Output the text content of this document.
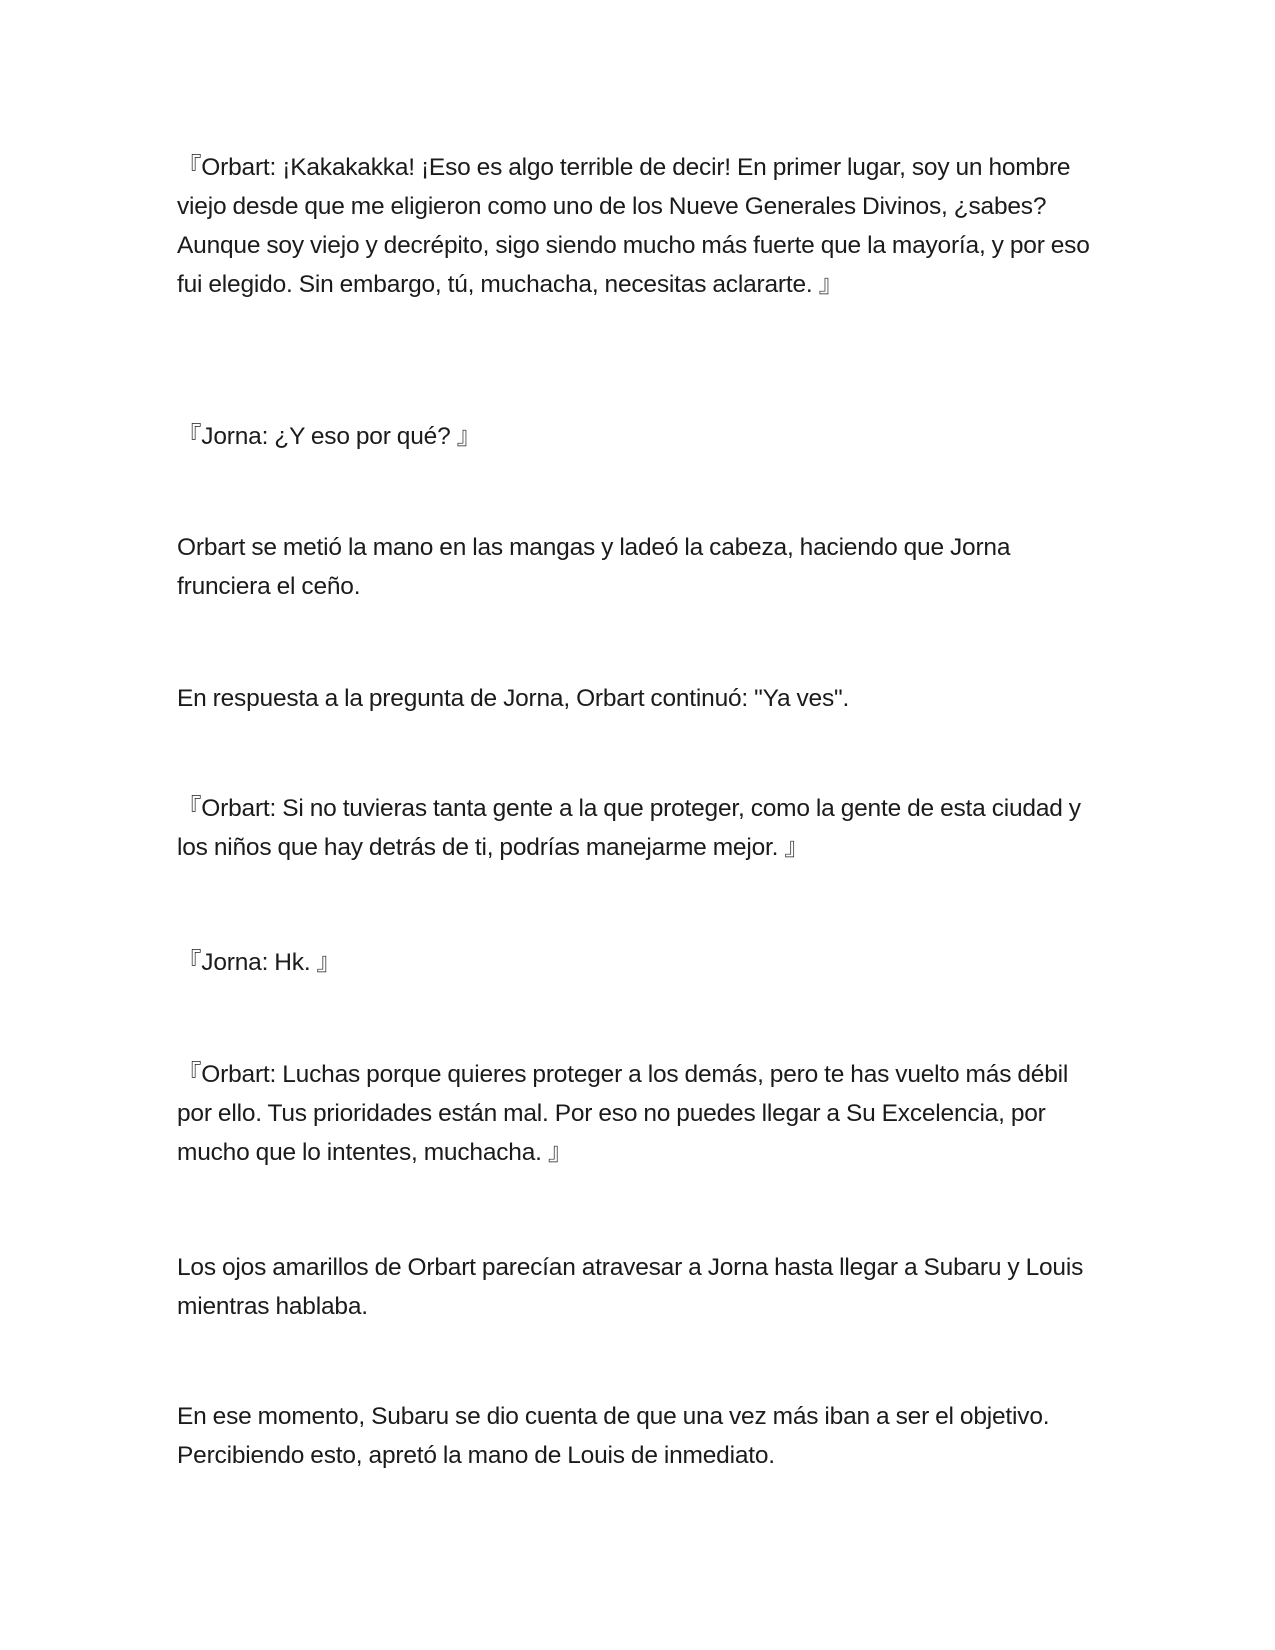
『Orbart: ¡Kakakakka! ¡Eso es algo terrible de decir! En primer lugar, soy un hombre viejo desde que me eligieron como uno de los Nueve Generales Divinos, ¿sabes? Aunque soy viejo y decrépito, sigo siendo mucho más fuerte que la mayoría, y por eso fui elegido. Sin embargo, tú, muchacha, necesitas aclararte. 』

『Jorna: ¿Y eso por qué? 』

Orbart se metió la mano en las mangas y ladeó la cabeza, haciendo que Jorna frunciera el ceño.

En respuesta a la pregunta de Jorna, Orbart continuó: "Ya ves".

『Orbart: Si no tuvieras tanta gente a la que proteger, como la gente de esta ciudad y los niños que hay detrás de ti, podrías manejarme mejor. 』

『Jorna: Hk. 』

『Orbart: Luchas porque quieres proteger a los demás, pero te has vuelto más débil por ello. Tus prioridades están mal. Por eso no puedes llegar a Su Excelencia, por mucho que lo intentes, muchacha. 』

Los ojos amarillos de Orbart parecían atravesar a Jorna hasta llegar a Subaru y Louis mientras hablaba.

En ese momento, Subaru se dio cuenta de que una vez más iban a ser el objetivo. Percibiendo esto, apretó la mano de Louis de inmediato.
